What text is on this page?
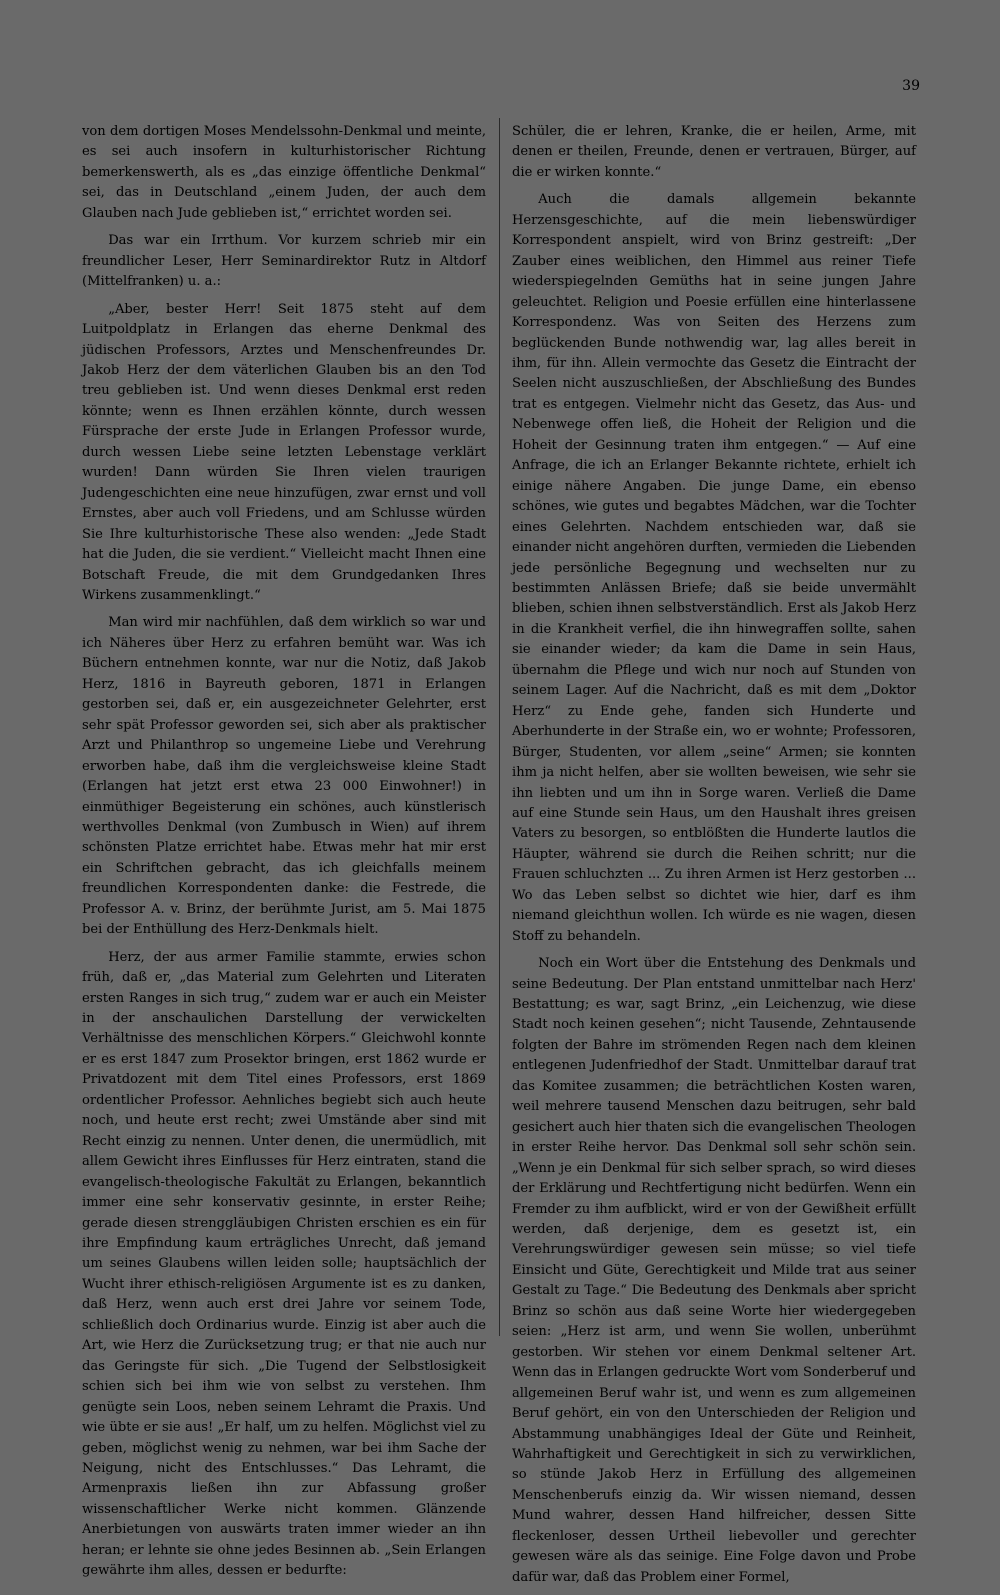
39

von dem dortigen Moses Mendelssohn-Denkmal und meinte, es sei auch insofern in kulturhistorischer Richtung bemerkenswerth, als es „das einzige öffentliche Denkmal“ sei, das in Deutschland „einem Juden, der auch dem Glauben nach Jude geblieben ist,“ errichtet worden sei.

Das war ein Irrthum. Vor kurzem schrieb mir ein freundlicher Leser, Herr Seminardirektor Rutz in Altdorf (Mittelfranken) u. a.:

„Aber, bester Herr! Seit 1875 steht auf dem Luitpoldplatz in Erlangen das eherne Denkmal des jüdischen Professors, Arztes und Menschenfreundes Dr. Jakob Herz der dem väterlichen Glauben bis an den Tod treu geblieben ist. Und wenn dieses Denkmal erst reden könnte; wenn es Ihnen erzählen könnte, durch wessen Fürsprache der erste Jude in Erlangen Professor wurde, durch wessen Liebe seine letzten Lebenstage verklärt wurden! Dann würden Sie Ihren vielen traurigen Judengeschichten eine neue hinzufügen, zwar ernst und voll Ernstes, aber auch voll Friedens, und am Schlusse würden Sie Ihre kulturhistorische These also wenden: „Jede Stadt hat die Juden, die sie verdient.“ Vielleicht macht Ihnen eine Botschaft Freude, die mit dem Grundgedanken Ihres Wirkens zusammenklingt.“

Man wird mir nachfühlen, daß dem wirklich so war und ich Näheres über Herz zu erfahren bemüht war. Was ich Büchern entnehmen konnte, war nur die Notiz, daß Jakob Herz, 1816 in Bayreuth geboren, 1871 in Erlangen gestorben sei, daß er, ein ausgezeichneter Gelehrter, erst sehr spät Professor geworden sei, sich aber als praktischer Arzt und Philanthrop so ungemeine Liebe und Verehrung erworben habe, daß ihm die vergleichsweise kleine Stadt (Erlangen hat jetzt erst etwa 23 000 Einwohner!) in einmüthiger Begeisterung ein schönes, auch künstlerisch werthvolles Denkmal (von Zumbusch in Wien) auf ihrem schönsten Platze errichtet habe. Etwas mehr hat mir erst ein Schriftchen gebracht, das ich gleichfalls meinem freundlichen Korrespondenten danke: die Festrede, die Professor A. v. Brinz, der berühmte Jurist, am 5. Mai 1875 bei der Enthüllung des Herz-Denkmals hielt.

Herz, der aus armer Familie stammte, erwies schon früh, daß er, „das Material zum Gelehrten und Literaten ersten Ranges in sich trug,“ zudem war er auch ein Meister in der anschaulichen Darstellung der verwickelten Verhältnisse des menschlichen Körpers.“ Gleichwohl konnte er es erst 1847 zum Prosektor bringen, erst 1862 wurde er Privatdozent mit dem Titel eines Professors, erst 1869 ordentlicher Professor. Aehnliches begiebt sich auch heute noch, und heute erst recht; zwei Umstände aber sind mit Recht einzig zu nennen. Unter denen, die unermüdlich, mit allem Gewicht ihres Einflusses für Herz eintraten, stand die evangelisch-theologische Fakultät zu Erlangen, bekanntlich immer eine sehr konservativ gesinnte, in erster Reihe; gerade diesen strenggläubigen Christen erschien es ein für ihre Empfindung kaum erträgliches Unrecht, daß jemand um seines Glaubens willen leiden solle; hauptsächlich der Wucht ihrer ethisch-religiösen Argumente ist es zu danken, daß Herz, wenn auch erst drei Jahre vor seinem Tode, schließlich doch Ordinarius wurde. Einzig ist aber auch die Art, wie Herz die Zurücksetzung trug; er that nie auch nur das Geringste für sich. „Die Tugend der Selbstlosigkeit schien sich bei ihm wie von selbst zu verstehen. Ihm genügte sein Loos, neben seinem Lehramt die Praxis. Und wie übte er sie aus! „Er half, um zu helfen. Möglichst viel zu geben, möglichst wenig zu nehmen, war bei ihm Sache der Neigung, nicht des Entschlusses.“ Das Lehramt, die Armenpraxis ließen ihn zur Abfassung großer wissenschaftlicher Werke nicht kommen. Glänzende Anerbietungen von auswärts traten immer wieder an ihn heran; er lehnte sie ohne jedes Besinnen ab. „Sein Erlangen gewährte ihm alles, dessen er bedurfte:

Schüler, die er lehren, Kranke, die er heilen, Arme, mit denen er theilen, Freunde, denen er vertrauen, Bürger, auf die er wirken konnte.“

Auch die damals allgemein bekannte Herzensgeschichte, auf die mein liebenswürdiger Korrespondent anspielt, wird von Brinz gestreift: „Der Zauber eines weiblichen, den Himmel aus reiner Tiefe wiederspiegelnden Gemüths hat in seine jungen Jahre geleuchtet. Religion und Poesie erfüllen eine hinterlassene Korrespondenz. Was von Seiten des Herzens zum beglückenden Bunde nothwendig war, lag alles bereit in ihm, für ihn. Allein vermochte das Gesetz die Eintracht der Seelen nicht auszuschließen, der Abschließung des Bundes trat es entgegen. Vielmehr nicht das Gesetz, das Aus- und Nebenwege offen ließ, die Hoheit der Religion und die Hoheit der Gesinnung traten ihm entgegen.“ — Auf eine Anfrage, die ich an Erlanger Bekannte richtete, erhielt ich einige nähere Angaben. Die junge Dame, ein ebenso schönes, wie gutes und begabtes Mädchen, war die Tochter eines Gelehrten. Nachdem entschieden war, daß sie einander nicht angehören durften, vermieden die Liebenden jede persönliche Begegnung und wechselten nur zu bestimmten Anlässen Briefe; daß sie beide unvermählt blieben, schien ihnen selbstverständlich. Erst als Jakob Herz in die Krankheit verfiel, die ihn hinwegraffen sollte, sahen sie einander wieder; da kam die Dame in sein Haus, übernahm die Pflege und wich nur noch auf Stunden von seinem Lager. Auf die Nachricht, daß es mit dem „Doktor Herz“ zu Ende gehe, fanden sich Hunderte und Aberhunderte in der Straße ein, wo er wohnte; Professoren, Bürger, Studenten, vor allem „seine“ Armen; sie konnten ihm ja nicht helfen, aber sie wollten beweisen, wie sehr sie ihn liebten und um ihn in Sorge waren. Verließ die Dame auf eine Stunde sein Haus, um den Haushalt ihres greisen Vaters zu besorgen, so entblößten die Hunderte lautlos die Häupter, während sie durch die Reihen schritt; nur die Frauen schluchzten ... Zu ihren Armen ist Herz gestorben ... Wo das Leben selbst so dichtet wie hier, darf es ihm niemand gleichthun wollen. Ich würde es nie wagen, diesen Stoff zu behandeln.

Noch ein Wort über die Entstehung des Denkmals und seine Bedeutung. Der Plan entstand unmittelbar nach Herz' Bestattung; es war, sagt Brinz, „ein Leichenzug, wie diese Stadt noch keinen gesehen“; nicht Tausende, Zehntausende folgten der Bahre im strömenden Regen nach dem kleinen entlegenen Judenfriedhof der Stadt. Unmittelbar darauf trat das Komitee zusammen; die beträchtlichen Kosten waren, weil mehrere tausend Menschen dazu beitrugen, sehr bald gesichert auch hier thaten sich die evangelischen Theologen in erster Reihe hervor. Das Denkmal soll sehr schön sein. „Wenn je ein Denkmal für sich selber sprach, so wird dieses der Erklärung und Rechtfertigung nicht bedürfen. Wenn ein Fremder zu ihm aufblickt, wird er von der Gewißheit erfüllt werden, daß derjenige, dem es gesetzt ist, ein Verehrungswürdiger gewesen sein müsse; so viel tiefe Einsicht und Güte, Gerechtigkeit und Milde trat aus seiner Gestalt zu Tage.“ Die Bedeutung des Denkmals aber spricht Brinz so schön aus daß seine Worte hier wiedergegeben seien: „Herz ist arm, und wenn Sie wollen, unberühmt gestorben. Wir stehen vor einem Denkmal seltener Art. Wenn das in Erlangen gedruckte Wort vom Sonderberuf und allgemeinen Beruf wahr ist, und wenn es zum allgemeinen Beruf gehört, ein von den Unterschieden der Religion und Abstammung unabhängiges Ideal der Güte und Reinheit, Wahrhaftigkeit und Gerechtigkeit in sich zu verwirklichen, so stünde Jakob Herz in Erfüllung des allgemeinen Menschenberufs einzig da. Wir wissen niemand, dessen Mund wahrer, dessen Hand hilfreicher, dessen Sitte fleckenloser, dessen Urtheil liebevoller und gerechter gewesen wäre als das seinige. Eine Folge davon und Probe dafür war, daß das Problem einer Formel,
